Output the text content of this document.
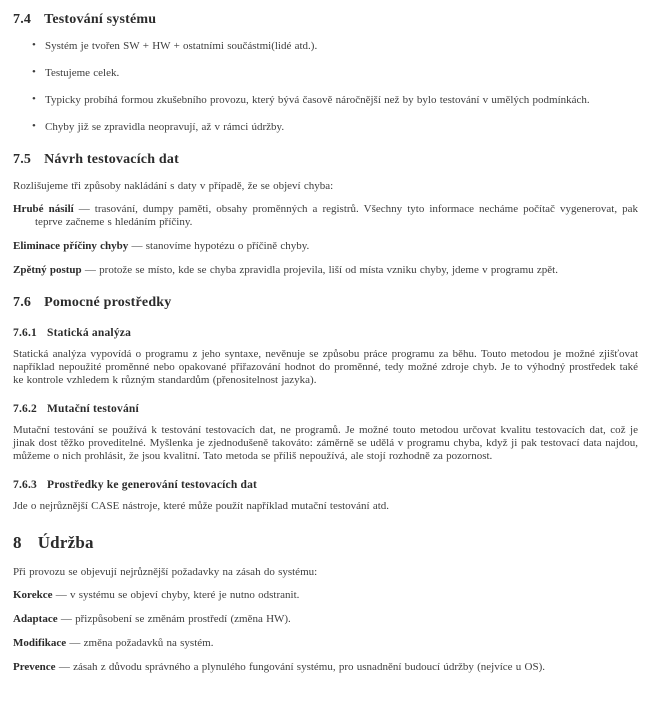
7.4 Testování systému
• Systém je tvořen SW + HW + ostatními součástmi(lidé atd.).
• Testujeme celek.
• Typicky probíhá formou zkušebního provozu, který bývá časově náročnější než by bylo testování v umělých podmínkách.
• Chyby již se zpravidla neopravují, až v rámci údržby.
7.5 Návrh testovacích dat

Rozlišujeme tři způsoby nakládání s daty v případě, že se objeví chyba:

Hrubé násilí — trasování, dumpy paměti, obsahy proměnných a registrů. Všechny tyto informace necháme počítač vygenerovat, pak teprve začneme s hledáním příčiny.
Eliminace příčiny chyby — stanovíme hypotézu o příčině chyby.
Zpětný postup — protože se místo, kde se chyba zpravidla projevila, liší od místa vzniku chyby, jdeme v programu zpět.
7.6 Pomocné prostředky
7.6.1 Statická analýza

Statická analýza vypovídá o programu z jeho syntaxe, nevěnuje se způsobu práce programu za běhu. Touto metodou je možné zjišťovat například nepoužité proměnné nebo opakované přiřazování hodnot do proměnné, tedy možné zdroje chyb. Je to výhodný prostředek také ke kontrole vzhledem k různým standardům (přenositelnost jazyka).

7.6.2 Mutační testování

Mutační testování se používá k testování testovacích dat, ne programů. Je možné touto metodou určovat kvalitu testovacích dat, což je jinak dost těžko proveditelné. Myšlenka je zjednodušeně takováto: záměrně se udělá v programu chyba, když ji pak testovací data najdou, můžeme o nich prohlásit, že jsou kvalitní. Tato metoda se příliš nepoužívá, ale stojí rozhodně za pozornost.

7.6.3 Prostředky ke generování testovacích dat

Jde o nejrůznější CASE nástroje, které může použít například mutační testování atd.

8 Údržba

Při provozu se objevují nejrůznější požadavky na zásah do systému:

Korekce — v systému se objeví chyby, které je nutno odstranit.
Adaptace — přizpůsobení se změnám prostředí (změna HW).
Modifikace — změna požadavků na systém.
Prevence — zásah z důvodu správného a plynulého fungování systému, pro usnadnění budoucí údržby (nejvíce u OS).
